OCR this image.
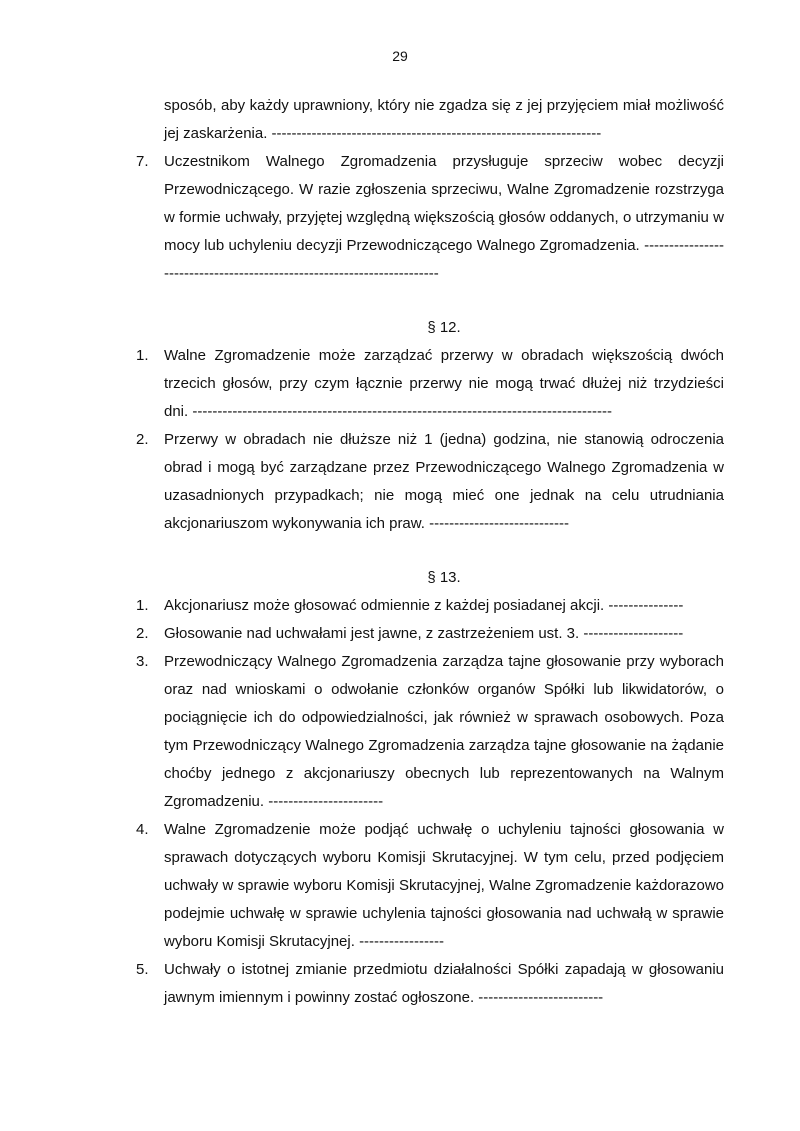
29
sposób, aby każdy uprawniony, który nie zgadza się z jej przyjęciem miał możliwość jej zaskarżenia. ------------------------------------------------------------------
7.	Uczestnikom Walnego Zgromadzenia przysługuje sprzeciw wobec decyzji Przewodniczącego. W razie zgłoszenia sprzeciwu, Walne Zgromadzenie rozstrzyga w formie uchwały, przyjętej względną większością głosów oddanych, o utrzymaniu w mocy lub uchyleniu decyzji Przewodniczącego Walnego Zgromadzenia. -----------------------------------------------------------------------

§ 12.

1.	Walne Zgromadzenie może zarządzać przerwy w obradach większością dwóch trzecich głosów, przy czym łącznie przerwy nie mogą trwać dłużej niż trzydzieści dni. ------------------------------------------------------------------------------------
2.	Przerwy w obradach nie dłuższe niż 1 (jedna) godzina, nie stanowią odroczenia obrad i mogą być zarządzane przez Przewodniczącego Walnego Zgromadzenia w uzasadnionych przypadkach; nie mogą mieć one jednak na celu utrudniania akcjonariuszom wykonywania ich praw. ----------------------------

§ 13.

1.	Akcjonariusz może głosować odmiennie z każdej posiadanej akcji. ---------------
2.	Głosowanie nad uchwałami jest jawne, z zastrzeżeniem ust. 3. --------------------
3.	Przewodniczący Walnego Zgromadzenia zarządza tajne głosowanie przy wyborach oraz nad wnioskami o odwołanie członków organów Spółki lub likwidatorów, o pociągnięcie ich do odpowiedzialności, jak również w sprawach osobowych. Poza tym Przewodniczący Walnego Zgromadzenia zarządza tajne głosowanie na żądanie choćby jednego z akcjonariuszy obecnych lub reprezentowanych na Walnym Zgromadzeniu. -----------------------
4.	Walne Zgromadzenie może podjąć uchwałę o uchyleniu tajności głosowania w sprawach dotyczących wyboru Komisji Skrutacyjnej. W tym celu, przed podjęciem uchwały w sprawie wyboru Komisji Skrutacyjnej, Walne Zgromadzenie każdorazowo podejmie uchwałę w sprawie uchylenia tajności głosowania nad uchwałą w sprawie wyboru Komisji Skrutacyjnej. -----------------
5.	Uchwały o istotnej zmianie przedmiotu działalności Spółki zapadają w głosowaniu jawnym imiennym i powinny zostać ogłoszone. -------------------------
